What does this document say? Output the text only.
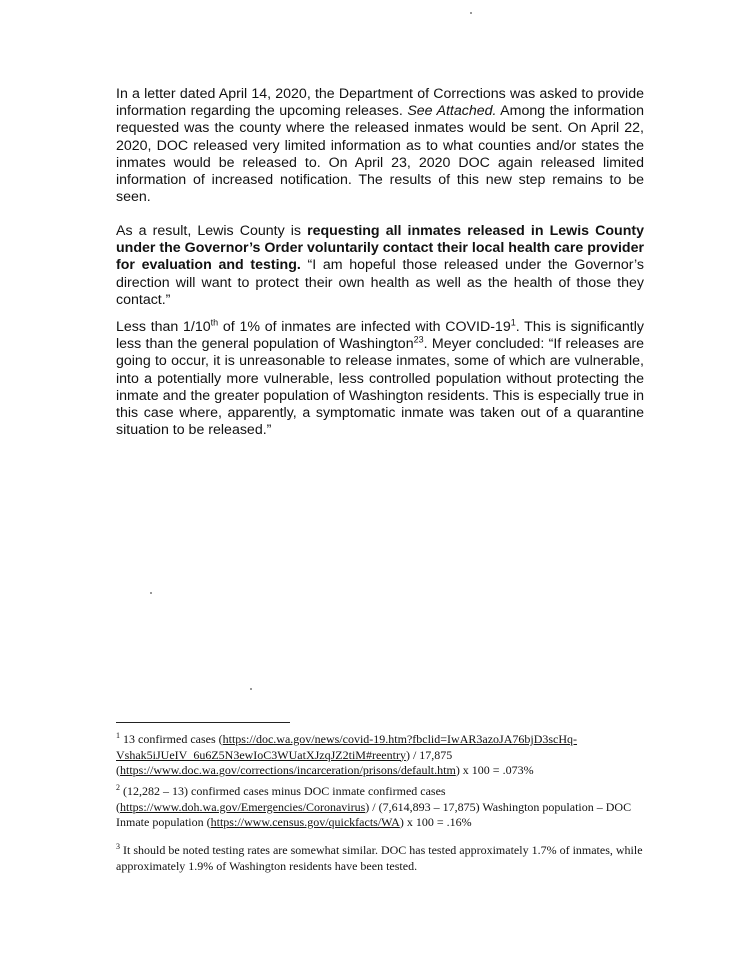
In a letter dated April 14, 2020, the Department of Corrections was asked to provide information regarding the upcoming releases. See Attached. Among the information requested was the county where the released inmates would be sent. On April 22, 2020, DOC released very limited information as to what counties and/or states the inmates would be released to. On April 23, 2020 DOC again released limited information of increased notification. The results of this new step remains to be seen.

As a result, Lewis County is requesting all inmates released in Lewis County under the Governor’s Order voluntarily contact their local health care provider for evaluation and testing. “I am hopeful those released under the Governor’s direction will want to protect their own health as well as the health of those they contact.”

Less than 1/10th of 1% of inmates are infected with COVID-$19^1$. This is significantly less than the general population of Washington$^{23}$. Meyer concluded: “If releases are going to occur, it is unreasonable to release inmates, some of which are vulnerable, into a potentially more vulnerable, less controlled population without protecting the inmate and the greater population of Washington residents. This is especially true in this case where, apparently, a symptomatic inmate was taken out of a quarantine situation to be released.”

$^1$ 13 confirmed cases (https://doc.wa.gov/news/covid-19.htm?fbclid=IwAR3azoJA76bjD3scHq-Vshak5iJUeIV_6u6Z5N3ewIoC3WUatXJzqJZ2tiM#reentry) / 17,875 (https://www.doc.wa.gov/corrections/incarceration/prisons/default.htm) x 100 = .073%

$^2$ (12,282 – 13) confirmed cases minus DOC inmate confirmed cases (https://www.doh.wa.gov/Emergencies/Coronavirus) / (7,614,893 – 17,875) Washington population – DOC Inmate population (https://www.census.gov/quickfacts/WA) x 100 = .16%

$^3$ It should be noted testing rates are somewhat similar. DOC has tested approximately 1.7% of inmates, while approximately 1.9% of Washington residents have been tested.
